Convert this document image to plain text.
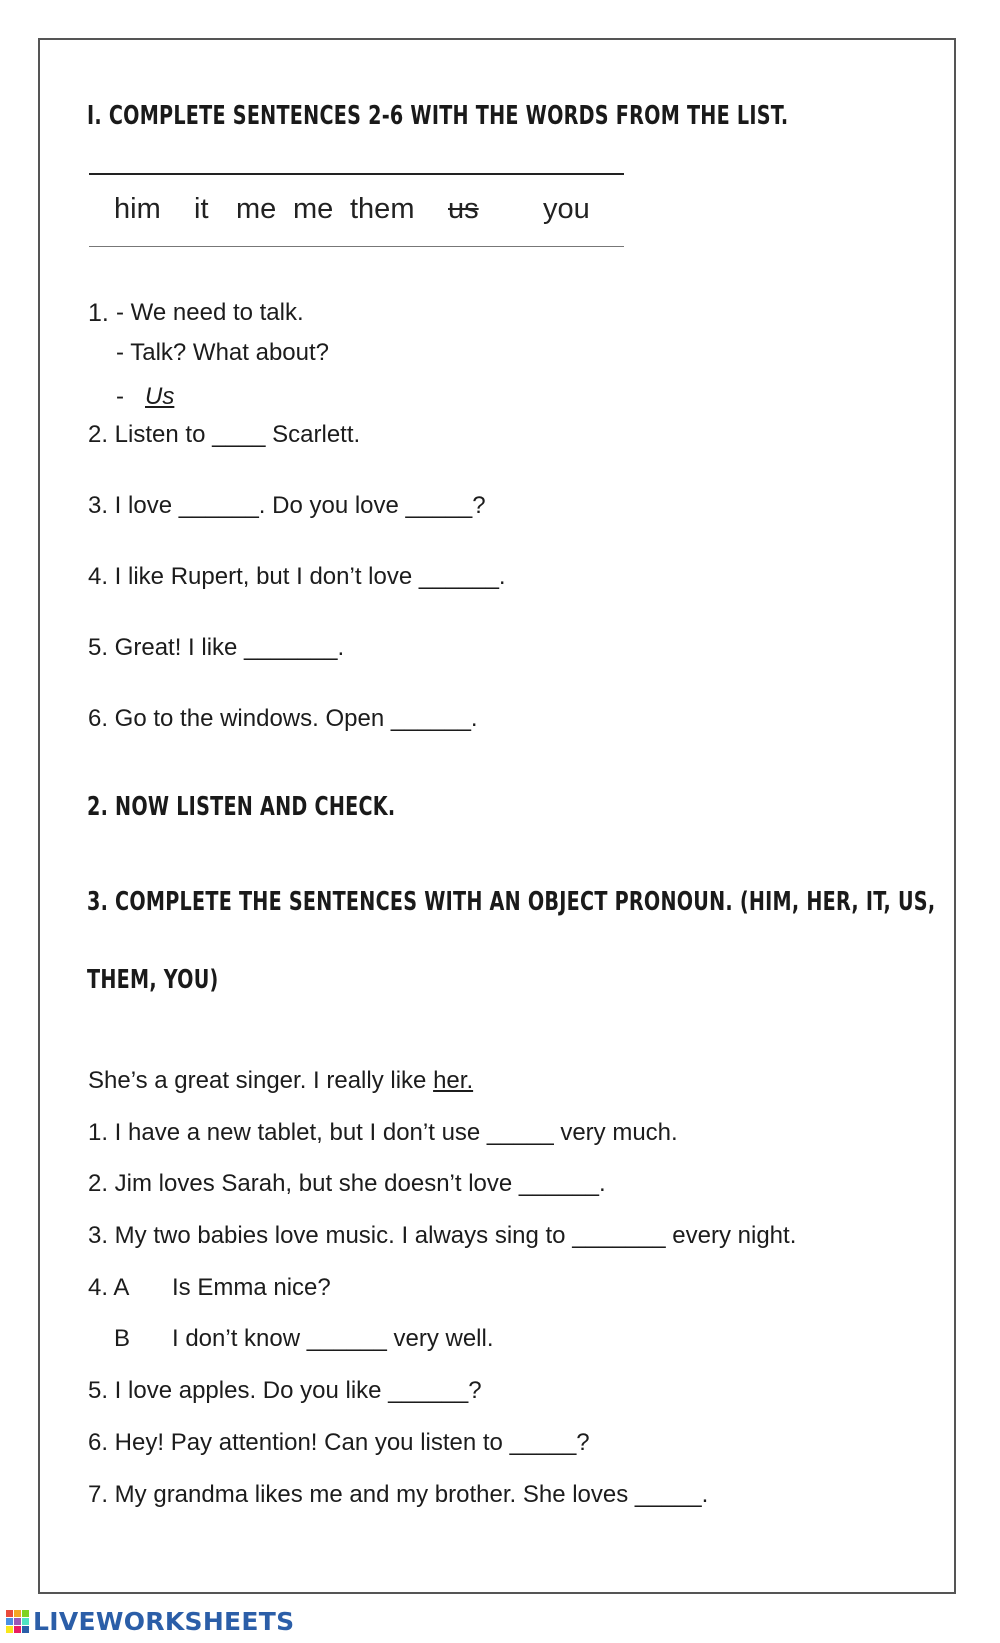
I. COMPLETE SENTENCES 2-6 WITH THE WORDS FROM THE LIST.
him it me me them us you
1. - We need to talk.
- Talk? What about?
- Us
2. Listen to ____ Scarlett.
3. I love ______. Do you love _____?
4. I like Rupert, but I don’t love ______.
5. Great! I like _______.
6. Go to the windows. Open ______.
2. NOW LISTEN AND CHECK.
3. COMPLETE THE SENTENCES WITH AN OBJECT PRONOUN. (HIM, HER, IT, US,
THEM, YOU)
She’s a great singer. I really like her.
1. I have a new tablet, but I don’t use _____ very much.
2. Jim loves Sarah, but she doesn’t love ______.
3. My two babies love music. I always sing to _______ every night.
4. A Is Emma nice?
B I don’t know ______ very well.
5. I love apples. Do you like ______?
6. Hey! Pay attention! Can you listen to _____?
7. My grandma likes me and my brother. She loves _____.
LIVEWORKSHEETS
